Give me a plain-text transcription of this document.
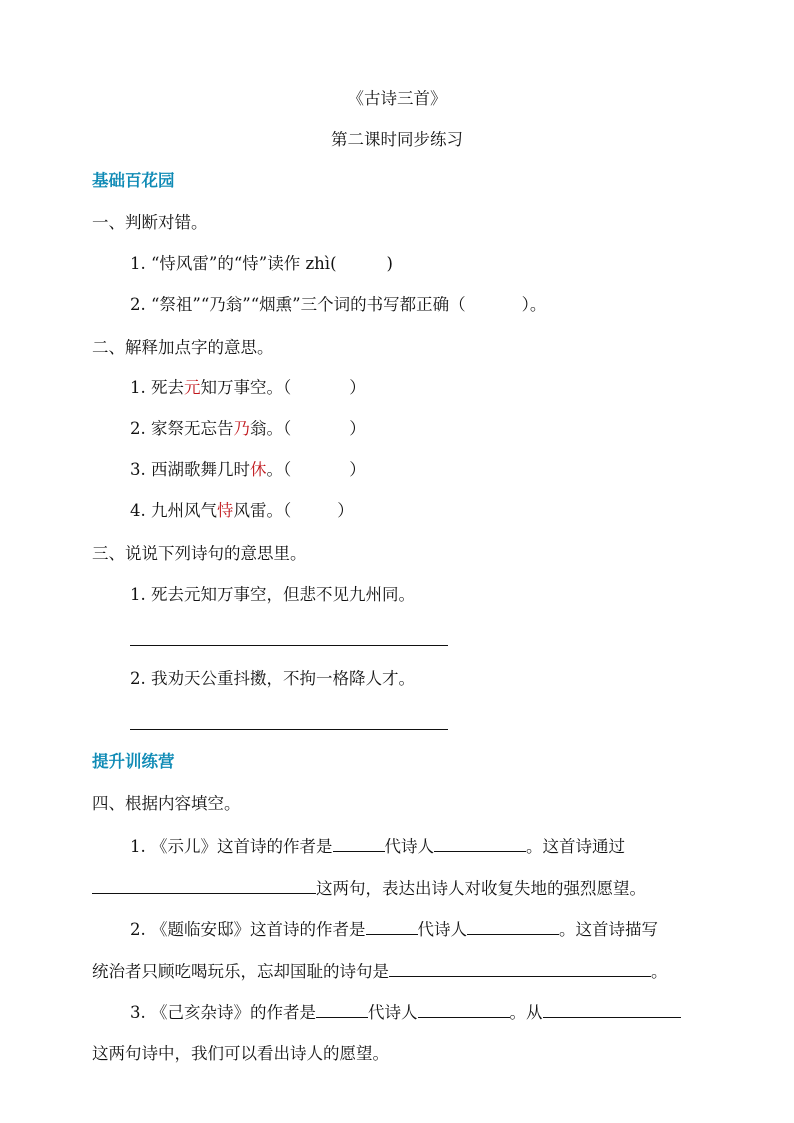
《古诗三首》
第二课时同步练习
基础百花园
一、判断对错。
1. “恃风雷”的“恃”读作 zhì(	)
2. “祭祖”“乃翁”“烟熏”三个词的书写都正确（	）。
二、解释加点字的意思。
1. 死去元知万事空。（	）
2. 家祭无忘告乃翁。（	）
3. 西湖歌舞几时休。（	）
4. 九州风气恃风雷。（	）
三、说说下列诗句的意思里。
1. 死去元知万事空，但悲不见九州同。
2. 我劝天公重抖擞，不拘一格降人才。
提升训练营
四、根据内容填空。
1. 《示儿》这首诗的作者是	代诗人	。这首诗通过
这两句，表达出诗人对收复失地的强烈愿望。
2. 《题临安邸》这首诗的作者是	代诗人	。这首诗描写
统治者只顾吃喝玩乐，忘却国耻的诗句是	。
3. 《己亥杂诗》的作者是	代诗人	。从
这两句诗中，我们可以看出诗人的愿望。
